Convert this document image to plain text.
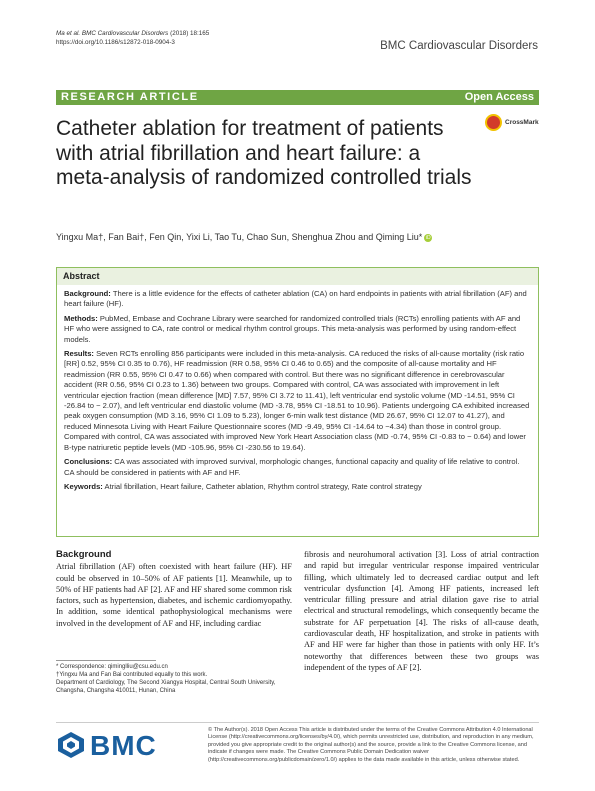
Ma et al. BMC Cardiovascular Disorders (2018) 18:165
https://doi.org/10.1186/s12872-018-0904-3	BMC Cardiovascular Disorders
RESEARCH ARTICLE	Open Access
Catheter ablation for treatment of patients with atrial fibrillation and heart failure: a meta-analysis of randomized controlled trials
CrossMark
Yingxu Ma†, Fan Bai†, Fen Qin, Yixi Li, Tao Tu, Chao Sun, Shenghua Zhou and Qiming Liu* iD
Abstract

Background: There is a little evidence for the effects of catheter ablation (CA) on hard endpoints in patients with atrial fibrillation (AF) and heart failure (HF).

Methods: PubMed, Embase and Cochrane Library were searched for randomized controlled trials (RCTs) enrolling patients with AF and HF who were assigned to CA, rate control or medical rhythm control groups. This meta-analysis was performed by using random-effect models.

Results: Seven RCTs enrolling 856 participants were included in this meta-analysis. CA reduced the risks of all-cause mortality (risk ratio [RR] 0.52, 95% CI 0.35 to 0.76), HF readmission (RR 0.58, 95% CI 0.46 to 0.65) and the composite of all-cause mortality and HF readmission (RR 0.55, 95% CI 0.47 to 0.66) when compared with control. But there was no significant difference in cerebrovascular accident (RR 0.56, 95% CI 0.23 to 1.36) between two groups. Compared with control, CA was associated with improvement in left ventricular ejection fraction (mean difference [MD] 7.57, 95% CI 3.72 to 11.41), left ventricular end systolic volume (MD -14.51, 95% CI -26.84 to − 2.07), and left ventricular end diastolic volume (MD -3.78, 95% CI -18.51 to 10.96). Patients undergoing CA exhibited increased peak oxygen consumption (MD 3.16, 95% CI 1.09 to 5.23), longer 6-min walk test distance (MD 26.67, 95% CI 12.07 to 41.27), and reduced Minnesota Living with Heart Failure Questionnaire scores (MD -9.49, 95% CI -14.64 to −4.34) than those in control group. Compared with control, CA was associated with improved New York Heart Association class (MD -0.74, 95% CI -0.83 to − 0.64) and lower B-type natriuretic peptide levels (MD -105.96, 95% CI -230.56 to 19.64).

Conclusions: CA was associated with improved survival, morphologic changes, functional capacity and quality of life relative to control. CA should be considered in patients with AF and HF.

Keywords: Atrial fibrillation, Heart failure, Catheter ablation, Rhythm control strategy, Rate control strategy

Background
Atrial fibrillation (AF) often coexisted with heart failure (HF). HF could be observed in 10–50% of AF patients [1]. Meanwhile, up to 50% of HF patients had AF [2]. AF and HF shared some common risk factors, such as hypertension, diabetes, and ischemic cardiomyopathy. In addition, some identical pathophysiological mechanisms were involved in the development of AF and HF, including cardiac
fibrosis and neurohumoral activation [3]. Loss of atrial contraction and rapid but irregular ventricular response impaired ventricular filling, which ultimately led to decreased cardiac output and left ventricular dysfunction [4]. Among HF patients, increased left ventricular filling pressure and atrial dilation gave rise to atrial electrical and structural remodelings, which consequently became the substrate for AF perpetuation [4]. The risks of all-cause death, cardiovascular death, HF hospitalization, and stroke in patients with AF and HF were far higher than those in patients with only HF. It’s noteworthy that differences between these two groups was independent of the types of AF [2].
* Correspondence: qiminglliu@csu.edu.cn
†Yingxu Ma and Fan Bai contributed equally to this work.
Department of Cardiology, The Second Xiangya Hospital, Central South University, Changsha, Changsha 410011, Hunan, China
BMC	© The Author(s). 2018 Open Access This article is distributed under the terms of the Creative Commons Attribution 4.0 International License (http://creativecommons.org/licenses/by/4.0/), which permits unrestricted use, distribution, and reproduction in any medium, provided you give appropriate credit to the original author(s) and the source, provide a link to the Creative Commons license, and indicate if changes were made. The Creative Commons Public Domain Dedication waiver (http://creativecommons.org/publicdomain/zero/1.0/) applies to the data made available in this article, unless otherwise stated.
